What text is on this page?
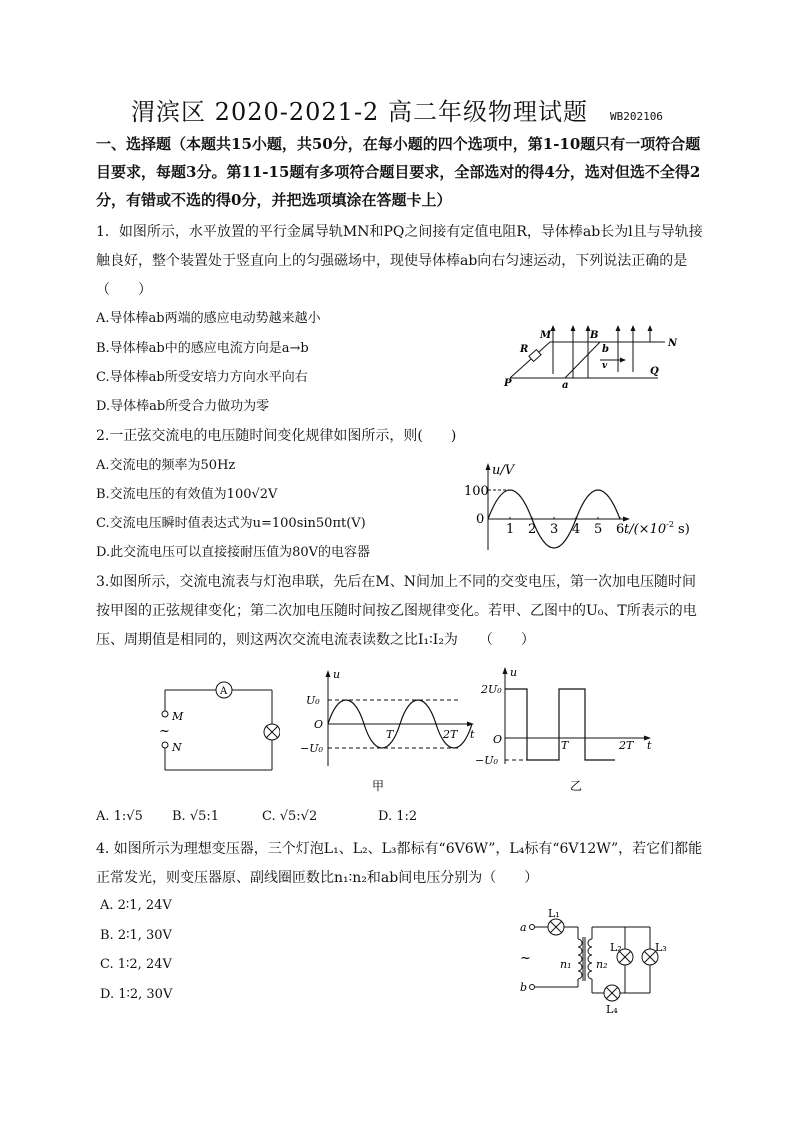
渭滨区 2020-2021-2 高二年级物理试题 WB202106
一、选择题（本题共15小题，共50分，在每小题的四个选项中，第1-10题只有一项符合题目要求，每题3分。第11-15题有多项符合题目要求，全部选对的得4分，选对但选不全得2分，有错或不选的得0分，并把选项填涂在答题卡上）
1．如图所示，水平放置的平行金属导轨MN和PQ之间接有定值电阻R，导体棒ab长为l且与导轨接触良好，整个装置处于竖直向上的匀强磁场中，现使导体棒ab向右匀速运动，下列说法正确的是（　　）
A.导体棒ab两端的感应电动势越来越小
B.导体棒ab中的感应电流方向是a→b
C.导体棒ab所受安培力方向水平向右
D.导体棒ab所受合力做功为零
M	B
N
R	b
v
P	a
Q
2.一正弦交流电的电压随时间变化规律如图所示，则(　　)
A.交流电的频率为50Hz
B.交流电压的有效值为100√2V
C.交流电压瞬时值表达式为u=100sin50πt(V)
D.此交流电压可以直接接耐压值为80V的电容器
100
0
1 2 3 4 5 6
u/V
$t/(\times 10^{-2}$ s)
3.如图所示，交流电流表与灯泡串联，先后在M、N间加上不同的交变电压，第一次加电压随时间按甲图的正弦规律变化；第二次加电压随时间按乙图规律变化。若甲、乙图中的U₀、T所表示的电压、周期值是相同的，则这两次交流电流表读数之比I₁∶I₂为　　（　　）
A
M
~
N
u
U₀
O
−U₀
T	2T t
甲
u
2U₀
O
−U₀
T	2T t
乙
A. 1:√5 B. √5:1	C. √5:√2	D. 1:2
4. 如图所示为理想变压器，三个灯泡L₁、L₂、L₃都标有“6V6W”，L₄标有“6V12W”，若它们都能正常发光，则变压器原、副线圈匝数比n₁∶n₂和ab间电压分别为（　　）
A. 2∶1, 24V
B. 2∶1, 30V
C. 1∶2, 24V
D. 1∶2, 30V
a
b
~	n₁ n₂
L₁
L₂	L₃
L₄
